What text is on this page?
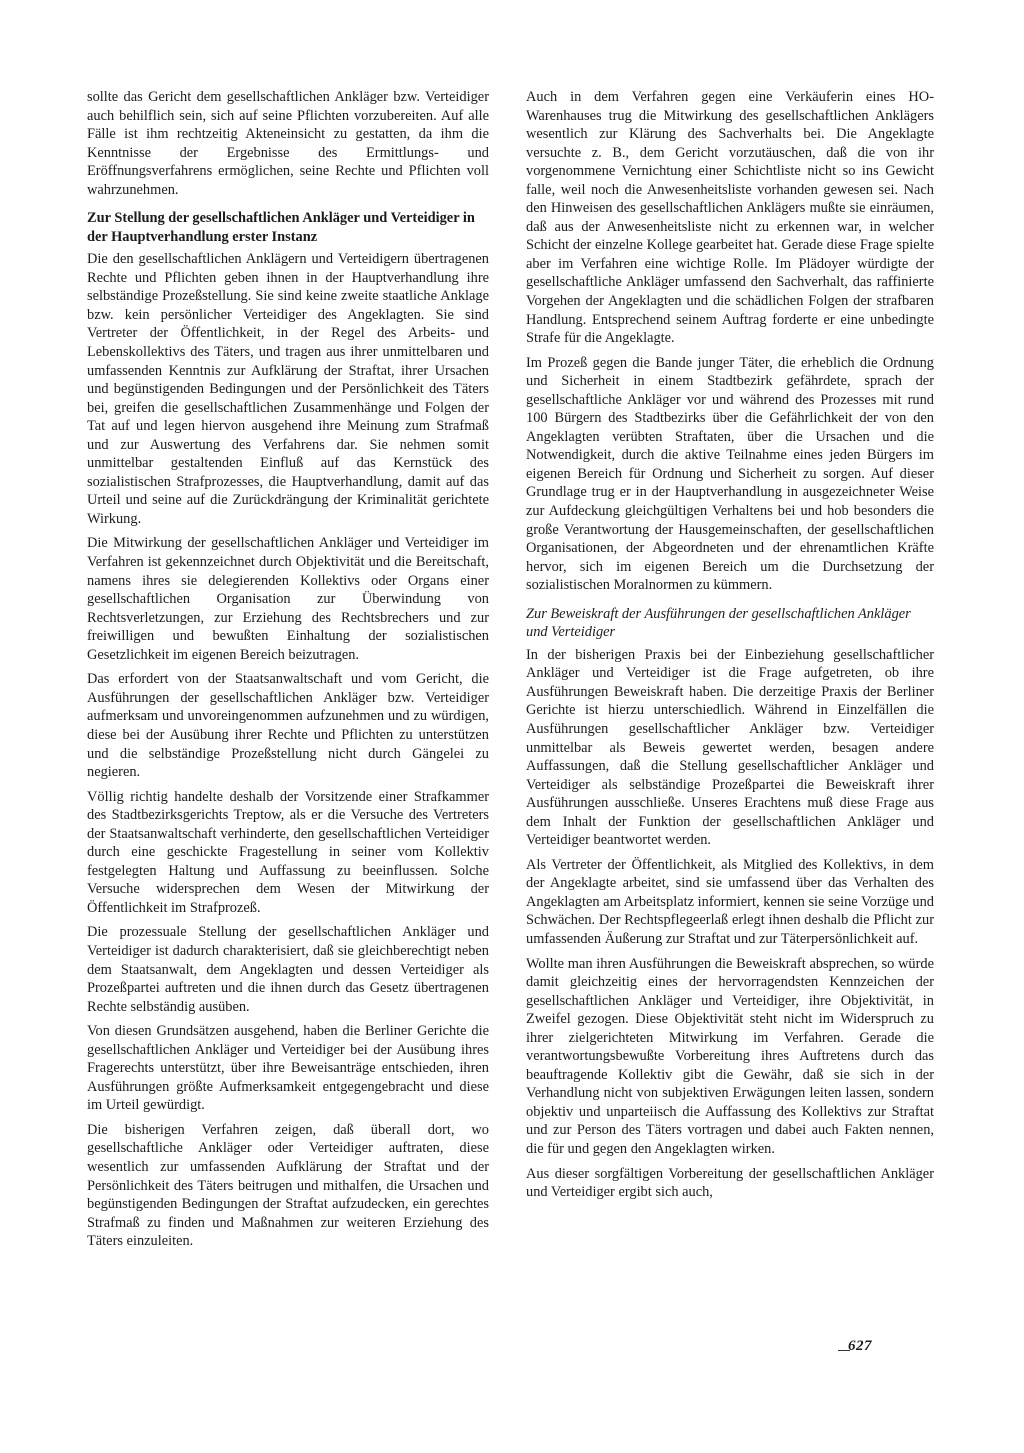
sollte das Gericht dem gesellschaftlichen Ankläger bzw. Verteidiger auch behilflich sein, sich auf seine Pflichten vorzubereiten. Auf alle Fälle ist ihm rechtzeitig Akteneinsicht zu gestatten, da ihm die Kenntnisse der Ergebnisse des Ermittlungs- und Eröffnungsverfahrens ermöglichen, seine Rechte und Pflichten voll wahrzunehmen.

Zur Stellung der gesellschaftlichen Ankläger und Verteidiger in der Hauptverhandlung erster Instanz

Die den gesellschaftlichen Anklägern und Verteidigern übertragenen Rechte und Pflichten geben ihnen in der Hauptverhandlung ihre selbständige Prozeßstellung. Sie sind keine zweite staatliche Anklage bzw. kein persönlicher Verteidiger des Angeklagten. Sie sind Vertreter der Öffentlichkeit, in der Regel des Arbeits- und Lebenskollektivs des Täters, und tragen aus ihrer unmittelbaren und umfassenden Kenntnis zur Aufklärung der Straftat, ihrer Ursachen und begünstigenden Bedingungen und der Persönlichkeit des Täters bei, greifen die gesellschaftlichen Zusammenhänge und Folgen der Tat auf und legen hiervon ausgehend ihre Meinung zum Strafmaß und zur Auswertung des Verfahrens dar. Sie nehmen somit unmittelbar gestaltenden Einfluß auf das Kernstück des sozialistischen Strafprozesses, die Hauptverhandlung, damit auf das Urteil und seine auf die Zurückdrängung der Kriminalität gerichtete Wirkung.

Die Mitwirkung der gesellschaftlichen Ankläger und Verteidiger im Verfahren ist gekennzeichnet durch Objektivität und die Bereitschaft, namens ihres sie delegierenden Kollektivs oder Organs einer gesellschaftlichen Organisation zur Überwindung von Rechtsverletzungen, zur Erziehung des Rechtsbrechers und zur freiwilligen und bewußten Einhaltung der sozialistischen Gesetzlichkeit im eigenen Bereich beizutragen.

Das erfordert von der Staatsanwaltschaft und vom Gericht, die Ausführungen der gesellschaftlichen Ankläger bzw. Verteidiger aufmerksam und unvoreingenommen aufzunehmen und zu würdigen, diese bei der Ausübung ihrer Rechte und Pflichten zu unterstützen und die selbständige Prozeßstellung nicht durch Gängelei zu negieren.

Völlig richtig handelte deshalb der Vorsitzende einer Strafkammer des Stadtbezirksgerichts Treptow, als er die Versuche des Vertreters der Staatsanwaltschaft verhinderte, den gesellschaftlichen Verteidiger durch eine geschickte Fragestellung in seiner vom Kollektiv festgelegten Haltung und Auffassung zu beeinflussen. Solche Versuche widersprechen dem Wesen der Mitwirkung der Öffentlichkeit im Strafprozeß.

Die prozessuale Stellung der gesellschaftlichen Ankläger und Verteidiger ist dadurch charakterisiert, daß sie gleichberechtigt neben dem Staatsanwalt, dem Angeklagten und dessen Verteidiger als Prozeßpartei auftreten und die ihnen durch das Gesetz übertragenen Rechte selbständig ausüben.

Von diesen Grundsätzen ausgehend, haben die Berliner Gerichte die gesellschaftlichen Ankläger und Verteidiger bei der Ausübung ihres Fragerechts unterstützt, über ihre Beweisanträge entschieden, ihren Ausführungen größte Aufmerksamkeit entgegengebracht und diese im Urteil gewürdigt.

Die bisherigen Verfahren zeigen, daß überall dort, wo gesellschaftliche Ankläger oder Verteidiger auftraten, diese wesentlich zur umfassenden Aufklärung der Straftat und der Persönlichkeit des Täters beitrugen und mithalfen, die Ursachen und begünstigenden Bedingungen der Straftat aufzudecken, ein gerechtes Strafmaß zu finden und Maßnahmen zur weiteren Erziehung des Täters einzuleiten.

Auch in dem Verfahren gegen eine Verkäuferin eines HO-Warenhauses trug die Mitwirkung des gesellschaftlichen Anklägers wesentlich zur Klärung des Sachverhalts bei. Die Angeklagte versuchte z. B., dem Gericht vorzutäuschen, daß die von ihr vorgenommene Vernichtung einer Schichtliste nicht so ins Gewicht falle, weil noch die Anwesenheitsliste vorhanden gewesen sei. Nach den Hinweisen des gesellschaftlichen Anklägers mußte sie einräumen, daß aus der Anwesenheitsliste nicht zu erkennen war, in welcher Schicht der einzelne Kollege gearbeitet hat. Gerade diese Frage spielte aber im Verfahren eine wichtige Rolle. Im Plädoyer würdigte der gesellschaftliche Ankläger umfassend den Sachverhalt, das raffinierte Vorgehen der Angeklagten und die schädlichen Folgen der strafbaren Handlung. Entsprechend seinem Auftrag forderte er eine unbedingte Strafe für die Angeklagte.

Im Prozeß gegen die Bande junger Täter, die erheblich die Ordnung und Sicherheit in einem Stadtbezirk gefährdete, sprach der gesellschaftliche Ankläger vor und während des Prozesses mit rund 100 Bürgern des Stadtbezirks über die Gefährlichkeit der von den Angeklagten verübten Straftaten, über die Ursachen und die Notwendigkeit, durch die aktive Teilnahme eines jeden Bürgers im eigenen Bereich für Ordnung und Sicherheit zu sorgen. Auf dieser Grundlage trug er in der Hauptverhandlung in ausgezeichneter Weise zur Aufdeckung gleichgültigen Verhaltens bei und hob besonders die große Verantwortung der Hausgemeinschaften, der gesellschaftlichen Organisationen, der Abgeordneten und der ehrenamtlichen Kräfte hervor, sich im eigenen Bereich um die Durchsetzung der sozialistischen Moralnormen zu kümmern.

Zur Beweiskraft der Ausführungen der gesellschaftlichen Ankläger und Verteidiger

In der bisherigen Praxis bei der Einbeziehung gesellschaftlicher Ankläger und Verteidiger ist die Frage aufgetreten, ob ihre Ausführungen Beweiskraft haben. Die derzeitige Praxis der Berliner Gerichte ist hierzu unterschiedlich. Während in Einzelfällen die Ausführungen gesellschaftlicher Ankläger bzw. Verteidiger unmittelbar als Beweis gewertet werden, besagen andere Auffassungen, daß die Stellung gesellschaftlicher Ankläger und Verteidiger als selbständige Prozeßpartei die Beweiskraft ihrer Ausführungen ausschließe. Unseres Erachtens muß diese Frage aus dem Inhalt der Funktion der gesellschaftlichen Ankläger und Verteidiger beantwortet werden.

Als Vertreter der Öffentlichkeit, als Mitglied des Kollektivs, in dem der Angeklagte arbeitet, sind sie umfassend über das Verhalten des Angeklagten am Arbeitsplatz informiert, kennen sie seine Vorzüge und Schwächen. Der Rechtspflegeerlaß erlegt ihnen deshalb die Pflicht zur umfassenden Äußerung zur Straftat und zur Täterpersönlichkeit auf.

Wollte man ihren Ausführungen die Beweiskraft absprechen, so würde damit gleichzeitig eines der hervorragendsten Kennzeichen der gesellschaftlichen Ankläger und Verteidiger, ihre Objektivität, in Zweifel gezogen. Diese Objektivität steht nicht im Widerspruch zu ihrer zielgerichteten Mitwirkung im Verfahren. Gerade die verantwortungsbewußte Vorbereitung ihres Auftretens durch das beauftragende Kollektiv gibt die Gewähr, daß sie sich in der Verhandlung nicht von subjektiven Erwägungen leiten lassen, sondern objektiv und unparteiisch die Auffassung des Kollektivs zur Straftat und zur Person des Täters vortragen und dabei auch Fakten nennen, die für und gegen den Angeklagten wirken.

Aus dieser sorgfältigen Vorbereitung der gesellschaftlichen Ankläger und Verteidiger ergibt sich auch,

627
